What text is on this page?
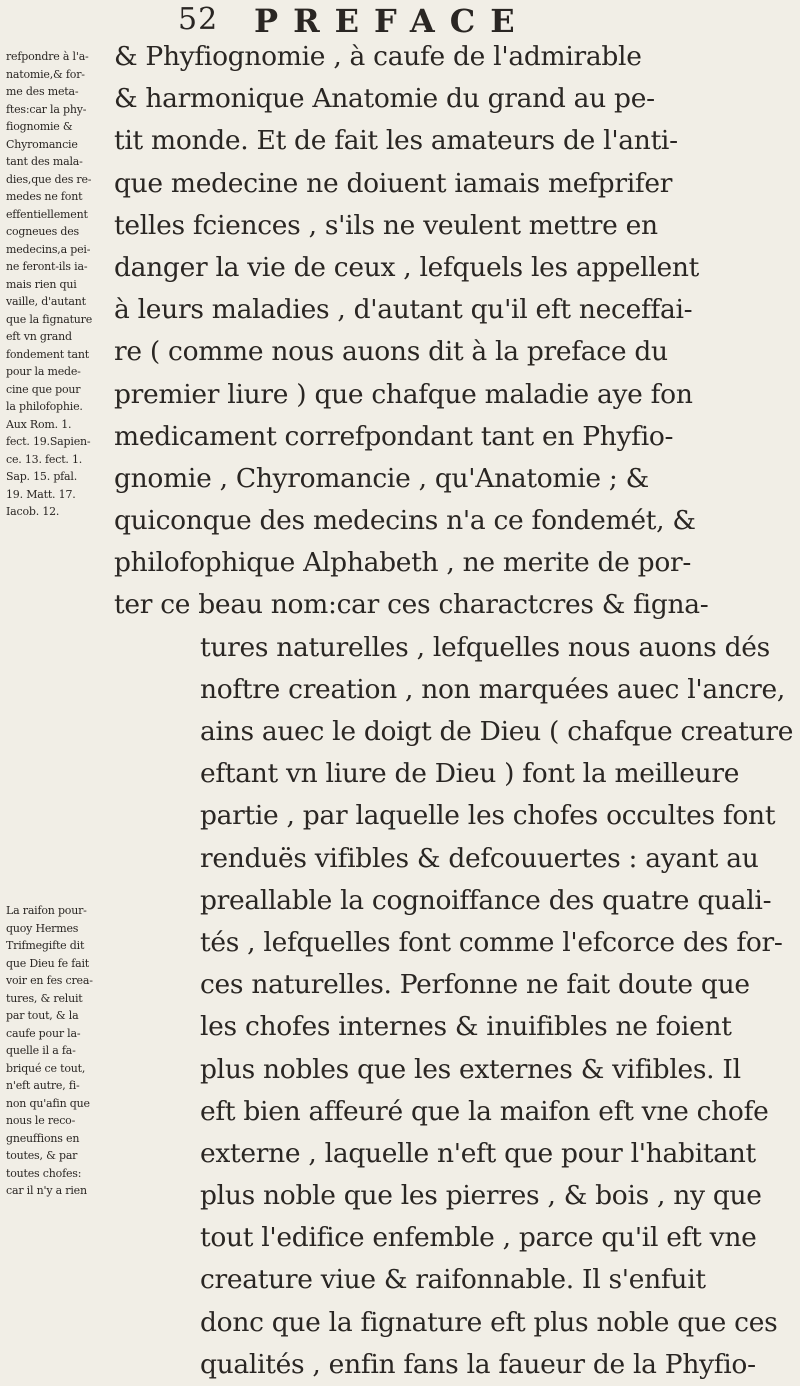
52 PREFACE
refpondre à l'a-
natomie,& for-
me des meta-
ftes:car la phy-
fiognomie &
Chyromancie
tant des mala-
dies,que des re-
medes ne font
effentiellement
cogneues des
medecins,a pei-
ne feront-ils ia-
mais rien qui
vaille, d'autant
que la fignature
eft vn grand
fondement tant
pour la mede-
cine que pour
la philofophie.
Aux Rom. 1.
fect. 19.Sapien-
ce. 13. fect. 1.
Sap. 15. pfal.
19. Matt. 17.
Iacob. 12.
La raifon pour-
quoy Hermes
Trifmegifte dit
que Dieu fe fait
voir en fes crea-
tures, & reluit
par tout, & la
caufe pour la-
quelle il a fa-
briqué ce tout,
n'eft autre, fi-
non qu'afin que
nous le reco-
gneuffions en
toutes, & par
toutes chofes:
car il n'y a rien
& Phyfiognomie , à caufe de l'admirable
& harmonique Anatomie du grand au pe-
tit monde. Et de fait les amateurs de l'anti-
que medecine ne doiuent iamais mefprifer
telles fciences , s'ils ne veulent mettre en
danger la vie de ceux , lefquels les appellent
à leurs maladies , d'autant qu'il eft neceffai-
re ( comme nous auons dit à la preface du
premier liure ) que chafque maladie aye fon
medicament correfpondant tant en Phyfio-
gnomie , Chyromancie , qu'Anatomie ; &
quiconque des medecins n'a ce fondemét, &
philofophique Alphabeth , ne merite de por-
ter ce beau nom:car ces charactcres & figna-
tures naturelles , lefquelles nous auons dés
noftre creation , non marquées auec l'ancre,
ains auec le doigt de Dieu ( chafque creature
eftant vn liure de Dieu ) font la meilleure
partie , par laquelle les chofes occultes font
renduës vifibles & defcouuertes : ayant au
preallable la cognoiffance des quatre quali-
tés , lefquelles font comme l'efcorce des for-
ces naturelles. Perfonne ne fait doute que
les chofes internes & inuifibles ne foient
plus nobles que les externes & vifibles. Il
eft bien affeuré que la maifon eft vne chofe
externe , laquelle n'eft que pour l'habitant
plus noble que les pierres , & bois , ny que
tout l'edifice enfemble , parce qu'il eft vne
creature viue & raifonnable. Il s'enfuit
donc que la fignature eft plus noble que ces
qualités , enfin fans la faueur de la Phyfio-
